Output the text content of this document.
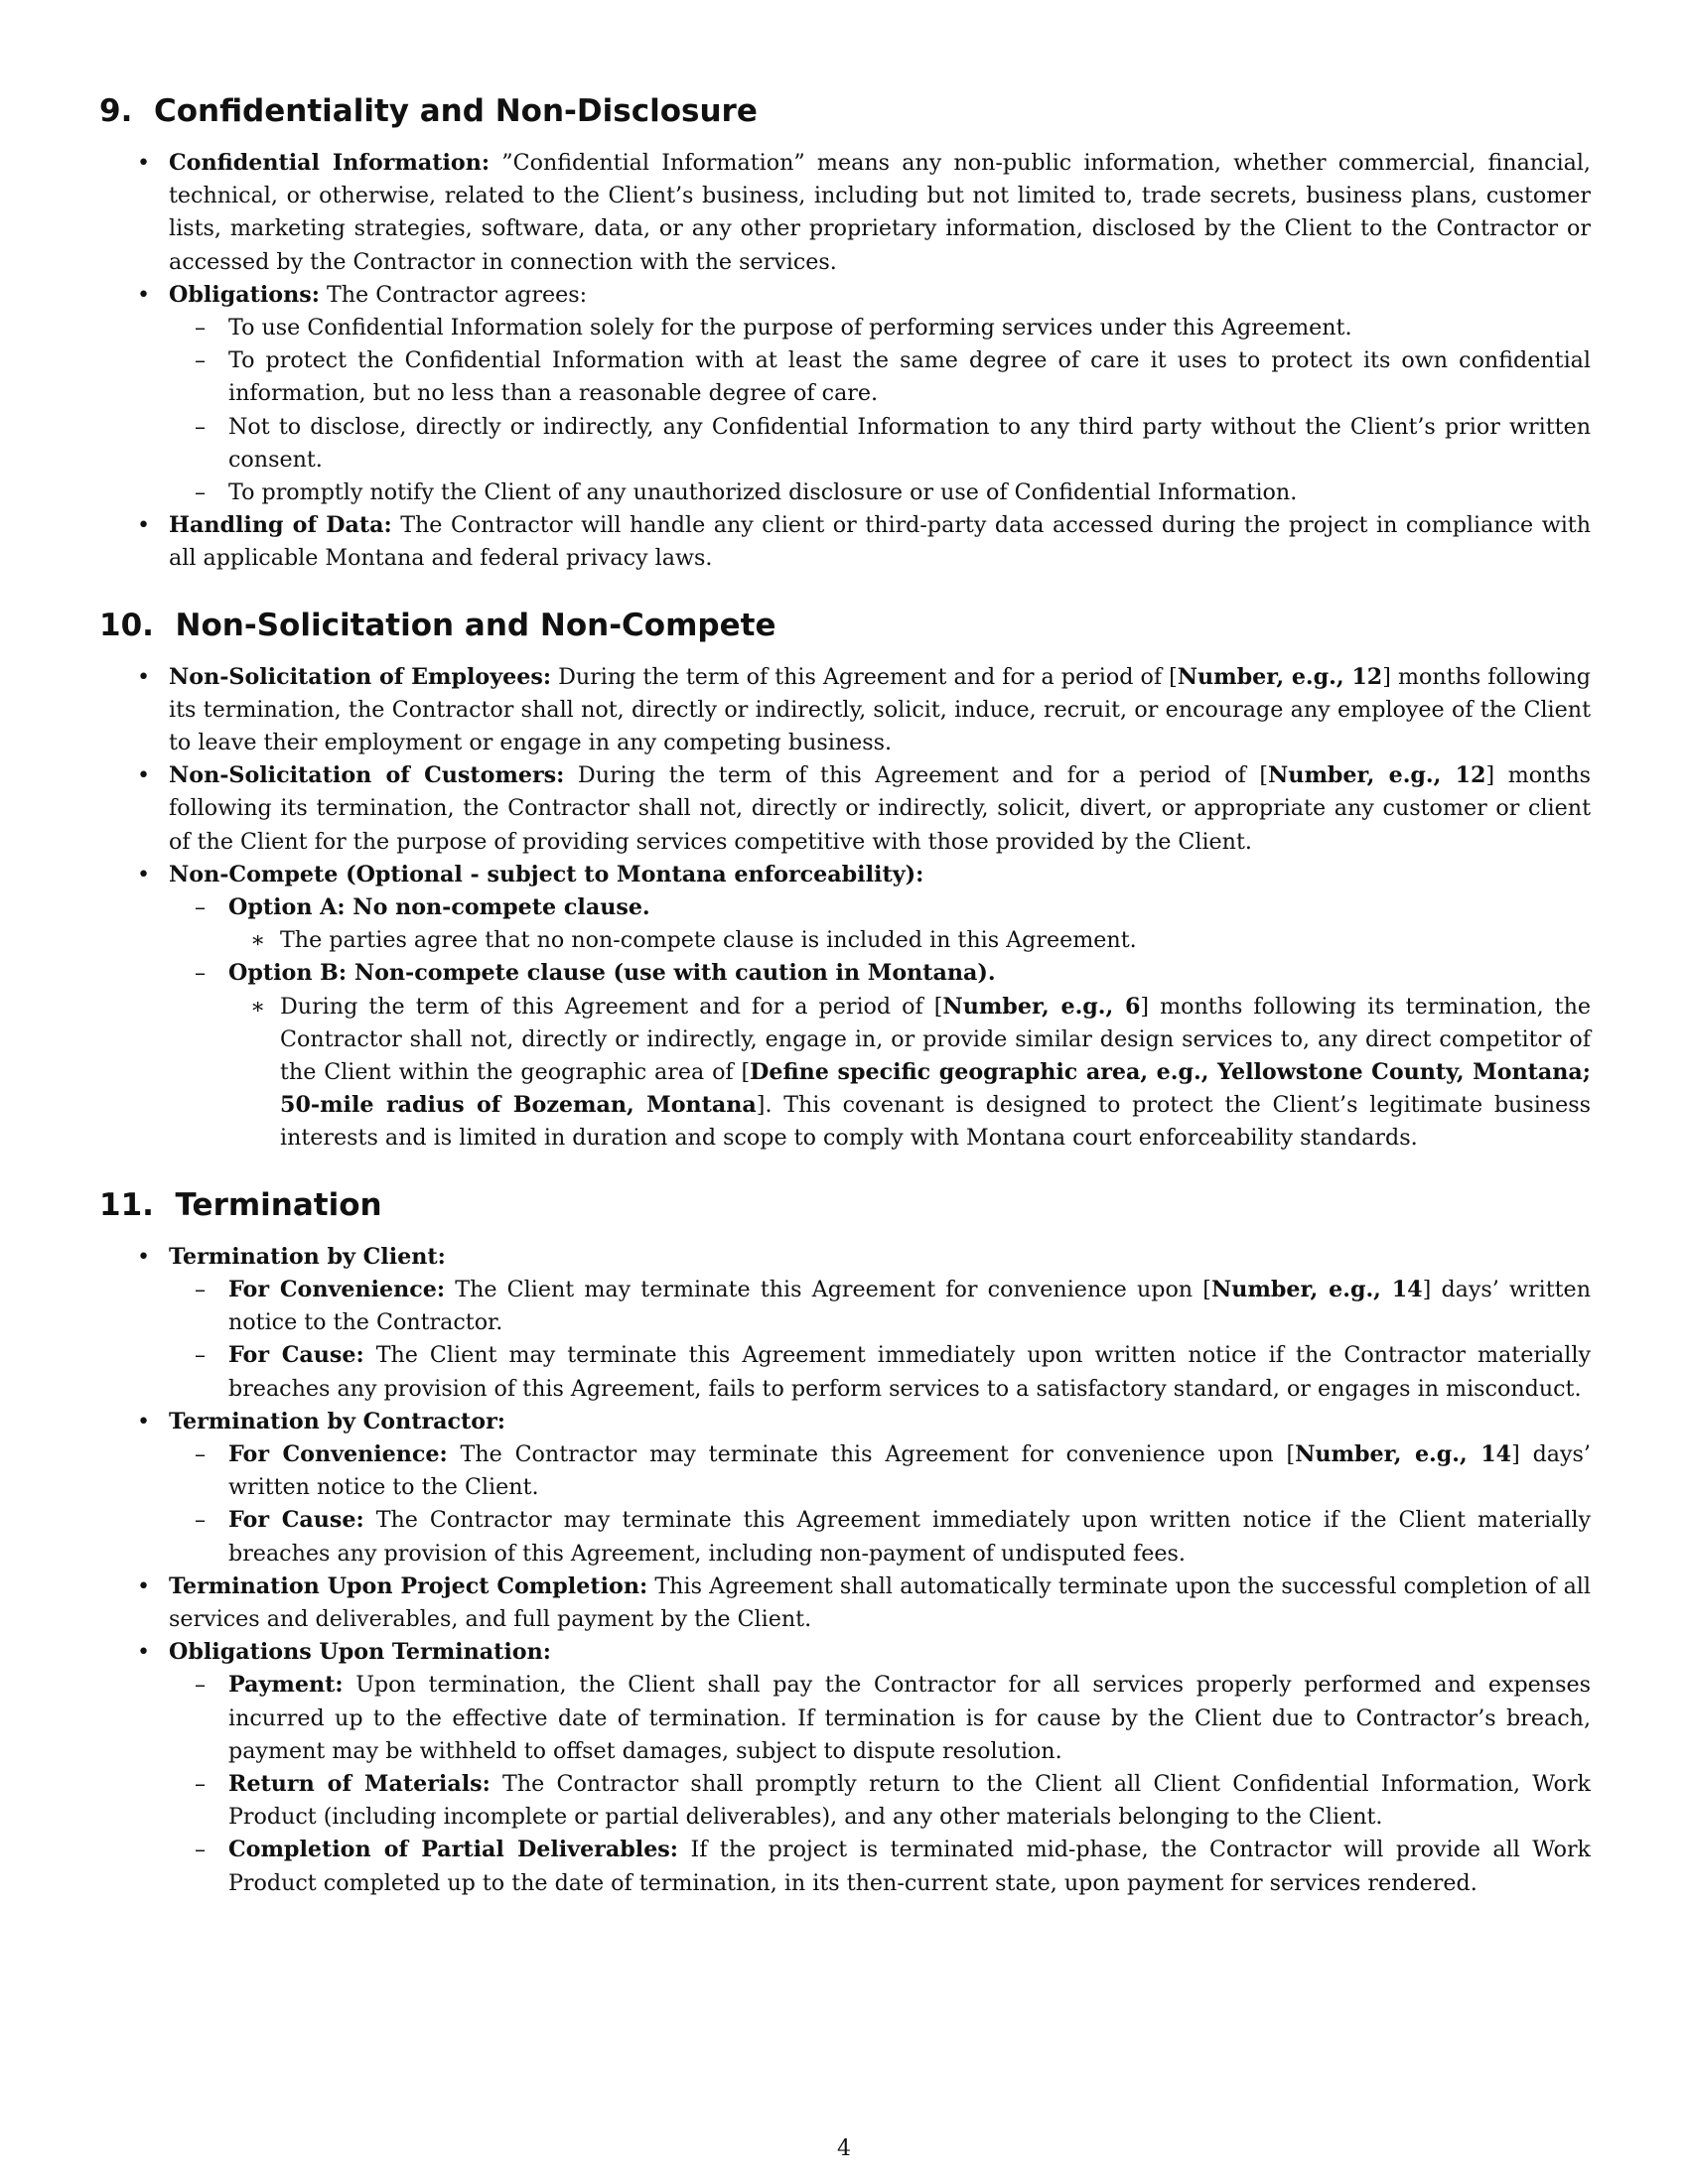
9. Confidentiality and Non-Disclosure
• Confidential Information: ”Confidential Information” means any non-public information, whether commercial, financial, technical, or otherwise, related to the Client’s business, including but not limited to, trade secrets, business plans, customer lists, marketing strategies, software, data, or any other proprietary information, disclosed by the Client to the Contractor or accessed by the Contractor in connection with the services.
• Obligations: The Contractor agrees:
– To use Confidential Information solely for the purpose of performing services under this Agreement.
– To protect the Confidential Information with at least the same degree of care it uses to protect its own confidential information, but no less than a reasonable degree of care.
– Not to disclose, directly or indirectly, any Confidential Information to any third party without the Client’s prior written consent.
– To promptly notify the Client of any unauthorized disclosure or use of Confidential Information.
• Handling of Data: The Contractor will handle any client or third-party data accessed during the project in compliance with all applicable Montana and federal privacy laws.
10. Non-Solicitation and Non-Compete
• Non-Solicitation of Employees: During the term of this Agreement and for a period of [Number, e.g., 12] months following its termination, the Contractor shall not, directly or indirectly, solicit, induce, recruit, or encourage any employee of the Client to leave their employment or engage in any competing business.
• Non-Solicitation of Customers: During the term of this Agreement and for a period of [Number, e.g., 12] months following its termination, the Contractor shall not, directly or indirectly, solicit, divert, or appropriate any customer or client of the Client for the purpose of providing services competitive with those provided by the Client.
• Non-Compete (Optional - subject to Montana enforceability):
– Option A: No non-compete clause.
∗ The parties agree that no non-compete clause is included in this Agreement.
– Option B: Non-compete clause (use with caution in Montana).
∗ During the term of this Agreement and for a period of [Number, e.g., 6] months following its termination, the Contractor shall not, directly or indirectly, engage in, or provide similar design services to, any direct competitor of the Client within the geographic area of [Define specific geographic area, e.g., Yellowstone County, Montana; 50-mile radius of Bozeman, Montana]. This covenant is designed to protect the Client’s legitimate business interests and is limited in duration and scope to comply with Montana court enforceability standards.
11. Termination
• Termination by Client:
– For Convenience: The Client may terminate this Agreement for convenience upon [Number, e.g., 14] days’ written notice to the Contractor.
– For Cause: The Client may terminate this Agreement immediately upon written notice if the Contractor materially breaches any provision of this Agreement, fails to perform services to a satisfactory standard, or engages in misconduct.
• Termination by Contractor:
– For Convenience: The Contractor may terminate this Agreement for convenience upon [Number, e.g., 14] days’ written notice to the Client.
– For Cause: The Contractor may terminate this Agreement immediately upon written notice if the Client materially breaches any provision of this Agreement, including non-payment of undisputed fees.
• Termination Upon Project Completion: This Agreement shall automatically terminate upon the successful completion of all services and deliverables, and full payment by the Client.
• Obligations Upon Termination:
– Payment: Upon termination, the Client shall pay the Contractor for all services properly performed and expenses incurred up to the effective date of termination. If termination is for cause by the Client due to Contractor’s breach, payment may be withheld to offset damages, subject to dispute resolution.
– Return of Materials: The Contractor shall promptly return to the Client all Client Confidential Information, Work Product (including incomplete or partial deliverables), and any other materials belonging to the Client.
– Completion of Partial Deliverables: If the project is terminated mid-phase, the Contractor will provide all Work Product completed up to the date of termination, in its then-current state, upon payment for services rendered.
4
